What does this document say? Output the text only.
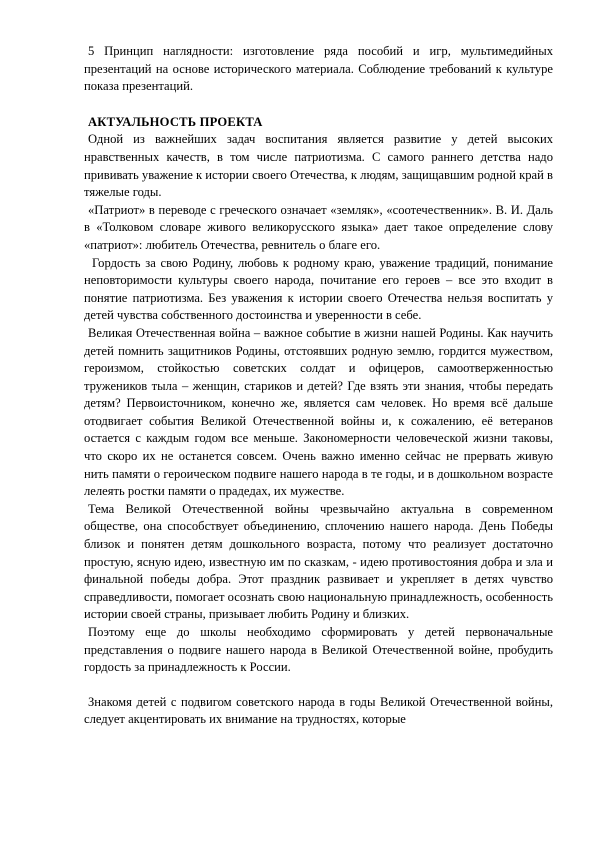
5 Принцип наглядности: изготовление ряда пособий и игр, мультимедийных презентаций на основе исторического материала. Соблюдение требований к культуре показа презентаций.

АКТУАЛЬНОСТЬ ПРОЕКТА

Одной из важнейших задач воспитания является развитие у детей высоких нравственных качеств, в том числе патриотизма. С самого раннего детства надо прививать уважение к истории своего Отечества, к людям, защищавшим родной край в тяжелые годы.

«Патриот» в переводе с греческого означает «земляк», «соотечественник». В. И. Даль в «Толковом словаре живого великорусского языка» дает такое определение слову «патриот»: любитель Отечества, ревнитель о благе его.

Гордость за свою Родину, любовь к родному краю, уважение традиций, понимание неповторимости культуры своего народа, почитание его героев – все это входит в понятие патриотизма. Без уважения к истории своего Отечества нельзя воспитать у детей чувства собственного достоинства и уверенности в себе.

Великая Отечественная война – важное событие в жизни нашей Родины. Как научить детей помнить защитников Родины, отстоявших родную землю, гордится мужеством, героизмом, стойкостью советских солдат и офицеров, самоотверженностью тружеников тыла – женщин, стариков и детей? Где взять эти знания, чтобы передать детям? Первоисточником, конечно же, является сам человек. Но время всё дальше отодвигает события Великой Отечественной войны и, к сожалению, её ветеранов остается с каждым годом все меньше. Закономерности человеческой жизни таковы, что скоро их не останется совсем. Очень важно именно сейчас не прервать живую нить памяти о героическом подвиге нашего народа в те годы, и в дошкольном возрасте лелеять ростки памяти о прадедах, их мужестве.

Тема Великой Отечественной войны чрезвычайно актуальна в современном обществе, она способствует объединению, сплочению нашего народа. День Победы близок и понятен детям дошкольного возраста, потому что реализует достаточно простую, ясную идею, известную им по сказкам, - идею противостояния добра и зла и финальной победы добра. Этот праздник развивает и укрепляет в детях чувство справедливости, помогает осознать свою национальную принадлежность, особенность истории своей страны, призывает любить Родину и близких.

Поэтому еще до школы необходимо сформировать у детей первоначальные представления о подвиге нашего народа в Великой Отечественной войне, пробудить гордость за принадлежность к России.

Знакомя детей с подвигом советского народа в годы Великой Отечественной войны, следует акцентировать их внимание на трудностях, которые
